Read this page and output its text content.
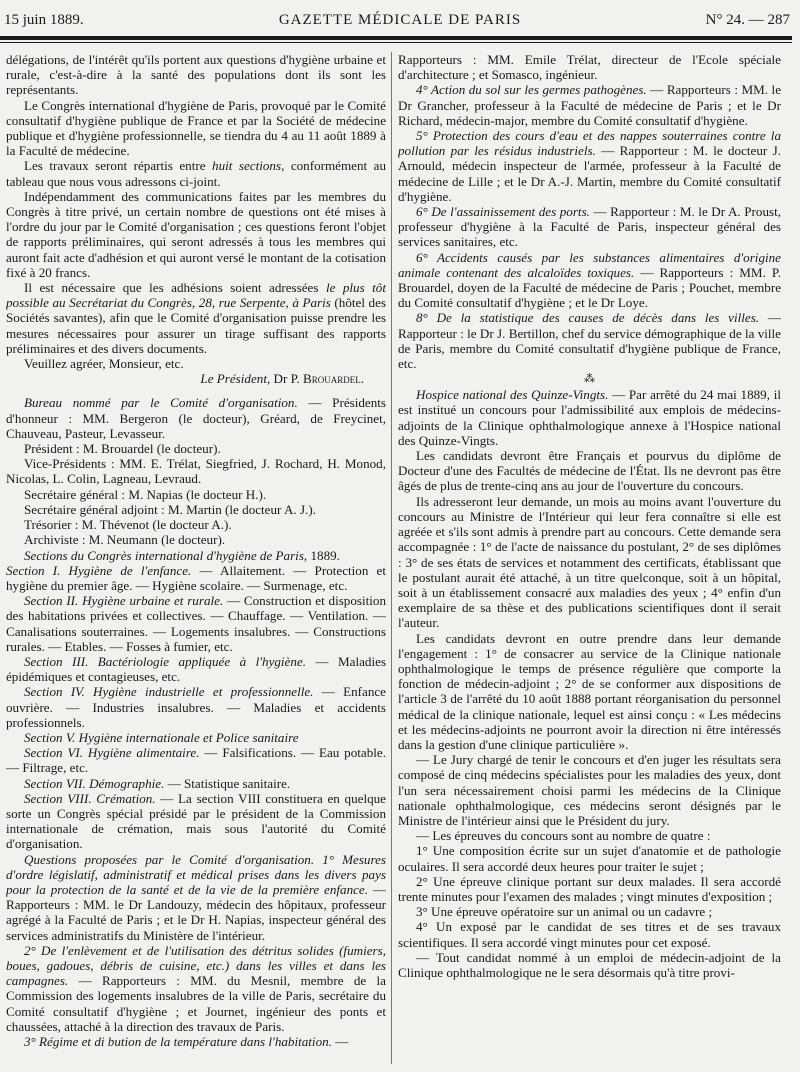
15 juin 1889.	GAZETTE MÉDICALE DE PARIS	N° 24. — 287

délégations, de l'intérêt qu'ils portent aux questions d'hygiène urbaine et rurale, c'est-à-dire à la santé des populations dont ils sont les représentants.

Le Congrès international d'hygiène de Paris, provoqué par le Comité consultatif d'hygiène publique de France et par la Société de médecine publique et d'hygiène professionnelle, se tiendra du 4 au 11 août 1889 à la Faculté de médecine.

Les travaux seront répartis entre huit sections, conformément au tableau que nous vous adressons ci-joint.

Indépendamment des communications faites par les membres du Congrès à titre privé, un certain nombre de questions ont été mises à l'ordre du jour par le Comité d'organisation ; ces questions feront l'objet de rapports préliminaires, qui seront adressés à tous les membres qui auront fait acte d'adhésion et qui auront versé le montant de la cotisation fixé à 20 francs.

Il est nécessaire que les adhésions soient adressées le plus tôt possible au Secrétariat du Congrès, 28, rue Serpente, à Paris (hôtel des Sociétés savantes), afin que le Comité d'organisation puisse prendre les mesures nécessaires pour assurer un tirage suffisant des rapports préliminaires et des divers documents.

Veuillez agréer, Monsieur, etc.

Le Président, Dr P. Brouardel.

Bureau nommé par le Comité d'organisation. — Présidents d'honneur : MM. Bergeron (le docteur), Gréard, de Freycinet, Chauveau, Pasteur, Levasseur.

Président : M. Brouardel (le docteur).

Vice-Présidents : MM. E. Trélat, Siegfried, J. Rochard, H. Monod, Nicolas, L. Colin, Lagneau, Levraud.

Secrétaire général : M. Napias (le docteur H.).

Secrétaire général adjoint : M. Martin (le docteur A. J.).

Trésorier : M. Thévenot (le docteur A.).

Archiviste : M. Neumann (le docteur).

Sections du Congrès international d'hygiène de Paris, 1889.

Section I. Hygiène de l'enfance. — Allaitement. — Protection et hygiène du premier âge. — Hygiène scolaire. — Surmenage, etc.

Section II. Hygiène urbaine et rurale. — Construction et disposition des habitations privées et collectives. — Chauffage. — Ventilation. — Canalisations souterraines. — Logements insalubres. — Constructions rurales. — Etables. — Fosses à fumier, etc.

Section III. Bactériologie appliquée à l'hygiène. — Maladies épidémiques et contagieuses, etc.

Section IV. Hygiène industrielle et professionnelle. — Enfance ouvrière. — Industries insalubres. — Maladies et accidents professionnels.

Section V. Hygiène internationale et Police sanitaire

Section VI. Hygiène alimentaire. — Falsifications. — Eau potable. — Filtrage, etc.

Section VII. Démographie. — Statistique sanitaire.

Section VIII. Crémation. — La section VIII constituera en quelque sorte un Congrès spécial présidé par le président de la Commission internationale de crémation, mais sous l'autorité du Comité d'organisation.

Questions proposées par le Comité d'organisation. 1° Mesures d'ordre législatif, administratif et médical prises dans les divers pays pour la protection de la santé et de la vie de la première enfance. — Rapporteurs : MM. le Dr Landouzy, médecin des hôpitaux, professeur agrégé à la Faculté de Paris ; et le Dr H. Napias, inspecteur général des services administratifs du Ministère de l'intérieur.

2° De l'enlèvement et de l'utilisation des détritus solides (fumiers, boues, gadoues, débris de cuisine, etc.) dans les villes et dans les campagnes. — Rapporteurs : MM. du Mesnil, membre de la Commission des logements insalubres de la ville de Paris, secrétaire du Comité consultatif d'hygiène ; et Journet, ingénieur des ponts et chaussées, attaché à la direction des travaux de Paris.

3° Régime et di bution de la température dans l'habitation. —

Rapporteurs : MM. Emile Trélat, directeur de l'Ecole spéciale d'architecture ; et Somasco, ingénieur.

4° Action du sol sur les germes pathogènes. — Rapporteurs : MM. le Dr Grancher, professeur à la Faculté de médecine de Paris ; et le Dr Richard, médecin-major, membre du Comité consultatif d'hygiène.

5° Protection des cours d'eau et des nappes souterraines contre la pollution par les résidus industriels. — Rapporteur : M. le docteur J. Arnould, médecin inspecteur de l'armée, professeur à la Faculté de médecine de Lille ; et le Dr A.-J. Martin, membre du Comité consultatif d'hygiène.

6° De l'assainissement des ports. — Rapporteur : M. le Dr A. Proust, professeur d'hygiène à la Faculté de Paris, inspecteur général des services sanitaires, etc.

6° Accidents causés par les substances alimentaires d'origine animale contenant des alcaloïdes toxiques. — Rapporteurs : MM. P. Brouardel, doyen de la Faculté de médecine de Paris ; Pouchet, membre du Comité consultatif d'hygiène ; et le Dr Loye.

8° De la statistique des causes de décès dans les villes. — Rapporteur : le Dr J. Bertillon, chef du service démographique de la ville de Paris, membre du Comité consultatif d'hygiène publique de France, etc.

⁂

Hospice national des Quinze-Vingts. — Par arrêté du 24 mai 1889, il est institué un concours pour l'admissibilité aux emplois de médecins-adjoints de la Clinique ophthalmologique annexe à l'Hospice national des Quinze-Vingts.

Les candidats devront être Français et pourvus du diplôme de Docteur d'une des Facultés de médecine de l'État. Ils ne devront pas être âgés de plus de trente-cinq ans au jour de l'ouverture du concours.

Ils adresseront leur demande, un mois au moins avant l'ouverture du concours au Ministre de l'Intérieur qui leur fera connaître si elle est agréée et s'ils sont admis à prendre part au concours. Cette demande sera accompagnée : 1° de l'acte de naissance du postulant, 2° de ses diplômes : 3° de ses états de services et notamment des certificats, établissant que le postulant aurait été attaché, à un titre quelconque, soit à un hôpital, soit à un établissement consacré aux maladies des yeux ; 4° enfin d'un exemplaire de sa thèse et des publications scientifiques dont il serait l'auteur.

Les candidats devront en outre prendre dans leur demande l'engagement : 1° de consacrer au service de la Clinique nationale ophthalmologique le temps de présence régulière que comporte la fonction de médecin-adjoint ; 2° de se conformer aux dispositions de l'article 3 de l'arrêté du 10 août 1888 portant réorganisation du personnel médical de la clinique nationale, lequel est ainsi conçu : « Les médecins et les médecins-adjoints ne pourront avoir la direction ni être intéressés dans la gestion d'une clinique particulière ».

— Le Jury chargé de tenir le concours et d'en juger les résultats sera composé de cinq médecins spécialistes pour les maladies des yeux, dont l'un sera nécessairement choisi parmi les médecins de la Clinique nationale ophthalmologique, ces médecins seront désignés par le Ministre de l'intérieur ainsi que le Président du jury.

— Les épreuves du concours sont au nombre de quatre :

1° Une composition écrite sur un sujet d'anatomie et de pathologie oculaires. Il sera accordé deux heures pour traiter le sujet ;

2° Une épreuve clinique portant sur deux malades. Il sera accordé trente minutes pour l'examen des malades ; vingt minutes d'exposition ;

3° Une épreuve opératoire sur un animal ou un cadavre ;

4° Un exposé par le candidat de ses titres et de ses travaux scientifiques. Il sera accordé vingt minutes pour cet exposé.

— Tout candidat nommé à un emploi de médecin-adjoint de la Clinique ophthalmologique ne le sera désormais qu'à titre provi-
